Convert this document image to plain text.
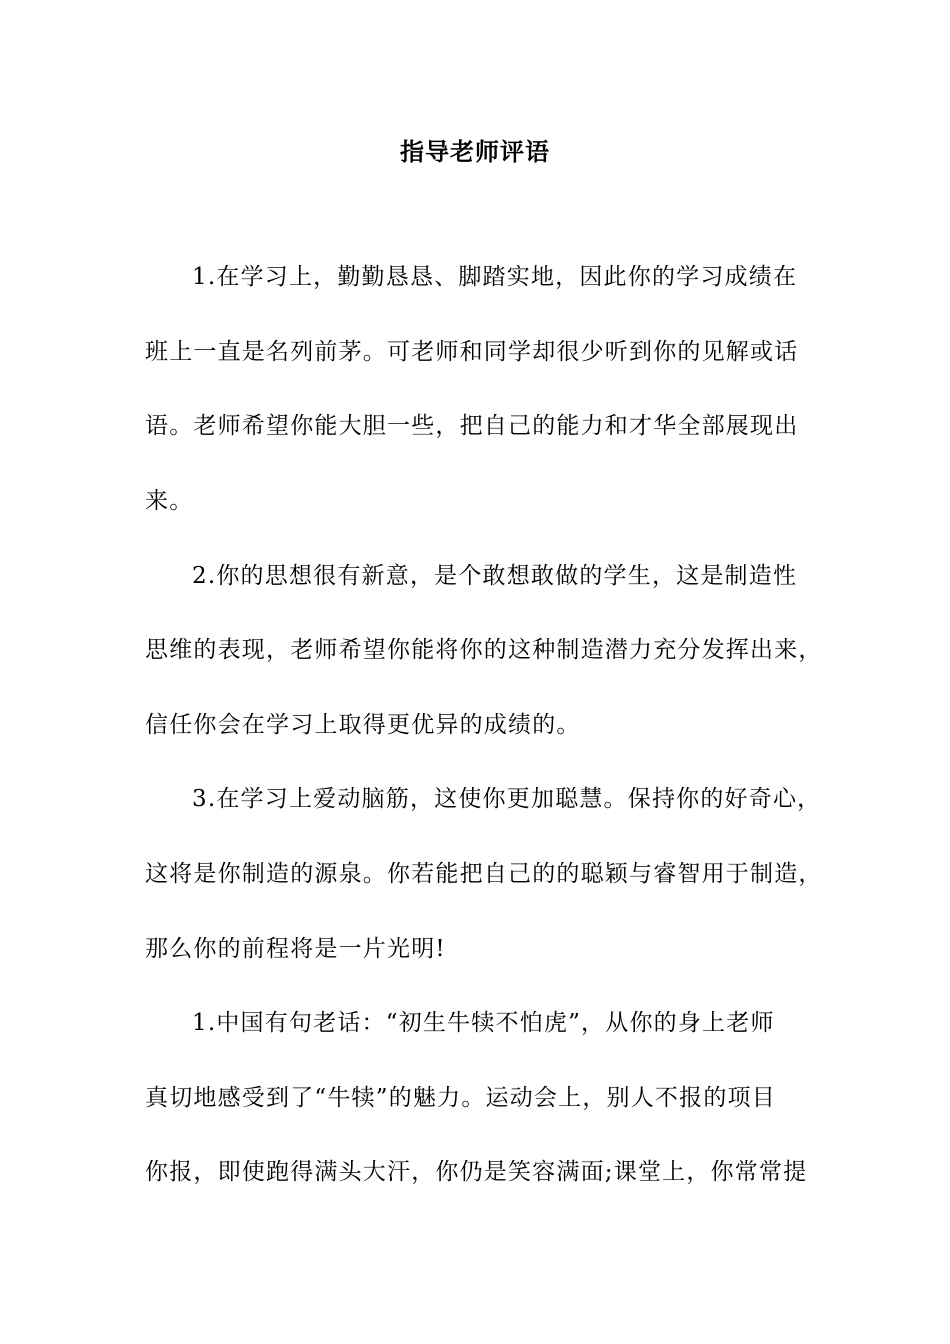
指导老师评语
1.在学习上，勤勤恳恳、脚踏实地，因此你的学习成绩在
班上一直是名列前茅。可老师和同学却很少听到你的见解或话
语。老师希望你能大胆一些，把自己的能力和才华全部展现出
来。
2.你的思想很有新意，是个敢想敢做的学生，这是制造性
思维的表现，老师希望你能将你的这种制造潜力充分发挥出来，
信任你会在学习上取得更优异的成绩的。
3.在学习上爱动脑筋，这使你更加聪慧。保持你的好奇心，
这将是你制造的源泉。你若能把自己的的聪颖与睿智用于制造，
那么你的前程将是一片光明!
1.中国有句老话：“初生牛犊不怕虎”，从你的身上老师
真切地感受到了“牛犊”的魅力。运动会上，别人不报的项目
你报，即使跑得满头大汗，你仍是笑容满面;课堂上，你常常提
